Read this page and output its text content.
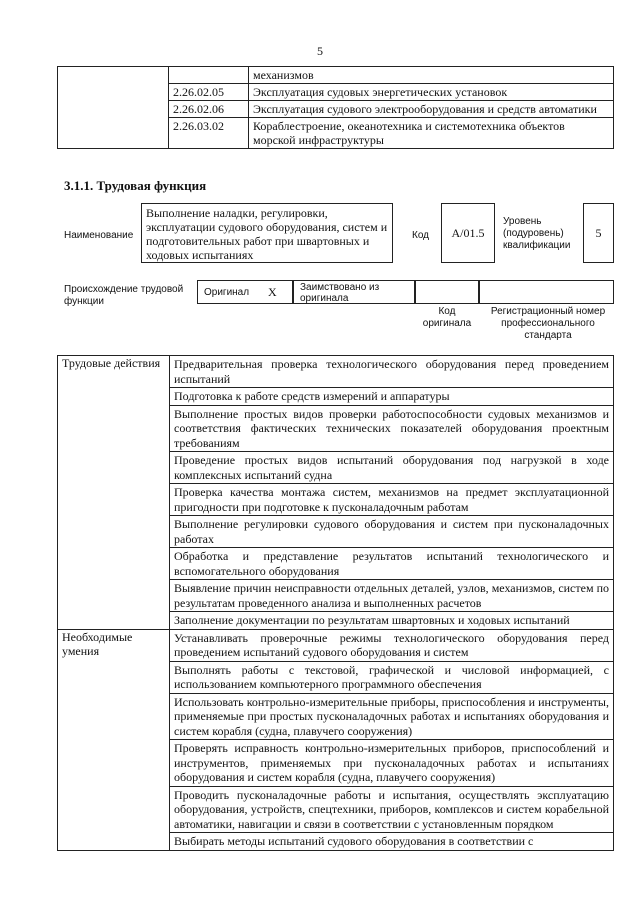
5
		механизмов
	2.26.02.05	Эксплуатация судовых энергетических установок
	2.26.02.06	Эксплуатация судового электрооборудования и средств автоматики
	2.26.03.02	Кораблестроение, океанотехника и системотехника объектов морской инфраструктуры
3.1.1. Трудовая функция
Наименование
Выполнение наладки, регулировки, эксплуатации судового оборудования, систем и подготовительных работ при швартовных и ходовых испытаниях
Код A/01.5
Уровень (подуровень) квалификации
5
Происхождение трудовой функции
Оригинал X	Заимствовано из оригинала
Код оригинала
Регистрационный номер профессионального стандарта
Трудовые действия	Предварительная проверка технологического оборудования перед проведением испытаний
	Подготовка к работе средств измерений и аппаратуры
	Выполнение простых видов проверки работоспособности судовых механизмов и соответствия фактических технических показателей оборудования проектным требованиям
	Проведение простых видов испытаний оборудования под нагрузкой в ходе комплексных испытаний судна
	Проверка качества монтажа систем, механизмов на предмет эксплуатационной пригодности при подготовке к пусконаладочным работам
	Выполнение регулировки судового оборудования и систем при пусконаладочных работах
	Обработка и представление результатов испытаний технологического и вспомогательного оборудования
	Выявление причин неисправности отдельных деталей, узлов, механизмов, систем по результатам проведенного анализа и выполненных расчетов
	Заполнение документации по результатам швартовных и ходовых испытаний
Необходимые умения	Устанавливать проверочные режимы технологического оборудования перед проведением испытаний судового оборудования и систем
	Выполнять работы с текстовой, графической и числовой информацией, с использованием компьютерного программного обеспечения
	Использовать контрольно-измерительные приборы, приспособления и инструменты, применяемые при простых пусконаладочных работах и испытаниях оборудования и систем корабля (судна, плавучего сооружения)
	Проверять исправность контрольно-измерительных приборов, приспособлений и инструментов, применяемых при пусконаладочных работах и испытаниях оборудования и систем корабля (судна, плавучего сооружения)
	Проводить пусконаладочные работы и испытания, осуществлять эксплуатацию оборудования, устройств, спецтехники, приборов, комплексов и систем корабельной автоматики, навигации и связи в соответствии с установленным порядком
	Выбирать методы испытаний судового оборудования в соответствии с
